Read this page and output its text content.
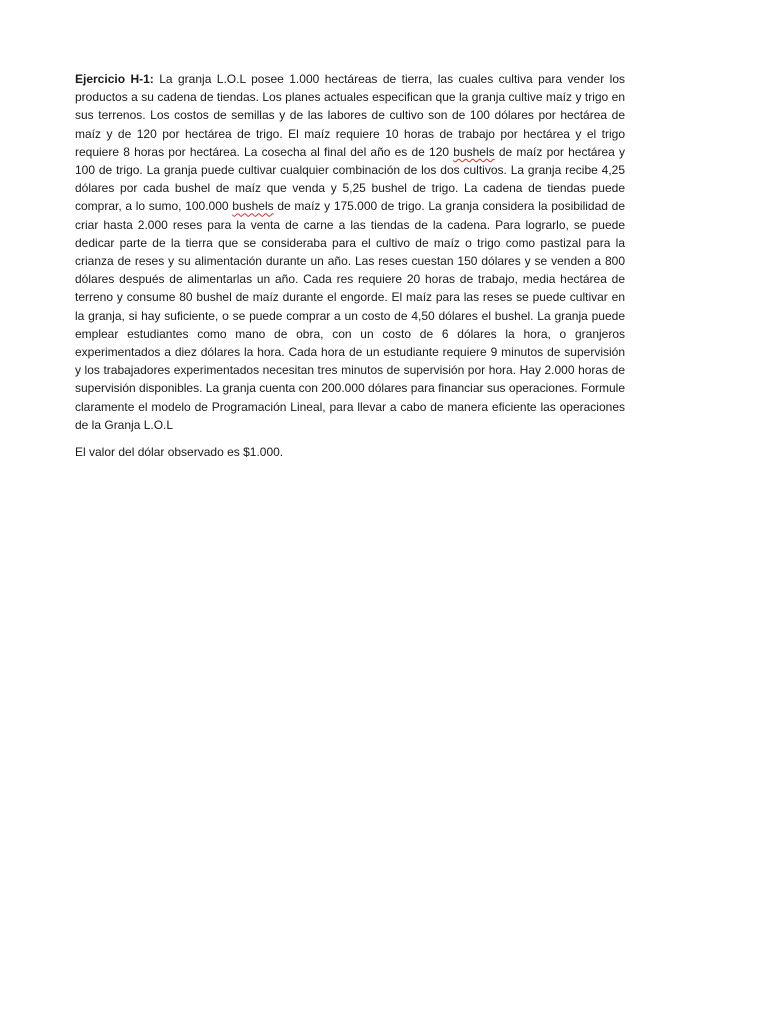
Ejercicio H-1: La granja L.O.L posee 1.000 hectáreas de tierra, las cuales cultiva para vender los productos a su cadena de tiendas. Los planes actuales especifican que la granja cultive maíz y trigo en sus terrenos. Los costos de semillas y de las labores de cultivo son de 100 dólares por hectárea de maíz y de 120 por hectárea de trigo. El maíz requiere 10 horas de trabajo por hectárea y el trigo requiere 8 horas por hectárea. La cosecha al final del año es de 120 bushels de maíz por hectárea y 100 de trigo. La granja puede cultivar cualquier combinación de los dos cultivos. La granja recibe 4,25 dólares por cada bushel de maíz que venda y 5,25 bushel de trigo. La cadena de tiendas puede comprar, a lo sumo, 100.000 bushels de maíz y 175.000 de trigo. La granja considera la posibilidad de criar hasta 2.000 reses para la venta de carne a las tiendas de la cadena. Para lograrlo, se puede dedicar parte de la tierra que se consideraba para el cultivo de maíz o trigo como pastizal para la crianza de reses y su alimentación durante un año. Las reses cuestan 150 dólares y se venden a 800 dólares después de alimentarlas un año. Cada res requiere 20 horas de trabajo, media hectárea de terreno y consume 80 bushel de maíz durante el engorde. El maíz para las reses se puede cultivar en la granja, si hay suficiente, o se puede comprar a un costo de 4,50 dólares el bushel. La granja puede emplear estudiantes como mano de obra, con un costo de 6 dólares la hora, o granjeros experimentados a diez dólares la hora. Cada hora de un estudiante requiere 9 minutos de supervisión y los trabajadores experimentados necesitan tres minutos de supervisión por hora. Hay 2.000 horas de supervisión disponibles. La granja cuenta con 200.000 dólares para financiar sus operaciones. Formule claramente el modelo de Programación Lineal, para llevar a cabo de manera eficiente las operaciones de la Granja L.O.L

El valor del dólar observado es $1.000.
